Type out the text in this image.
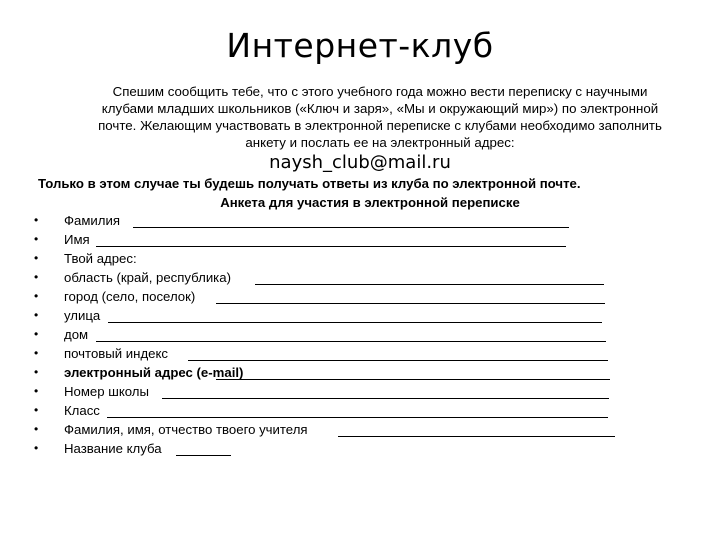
Интернет-клуб

Спешим сообщить тебе, что с этого учебного года можно вести переписку с научными

клубами младших школьников («Ключ и заря», «Мы и окружающий мир») по электронной

почте. Желающим участвовать в электронной переписке с клубами необходимо заполнить

анкету и послать ее на электронный адрес:

naysh_club@mail.ru
Только в этом случае ты будешь получать ответы из клуба по электронной почте.
Анкета для участия в электронной переписке
• Фамилия
• Имя
• Твой адрес:
• область (край, республика)
• город (село, поселок)
• улица
• дом
• почтовый индекс
• электронный адрес (e-mail)
• Номер школы
• Класс
• Фамилия, имя, отчество твоего учителя
• Название клуба
